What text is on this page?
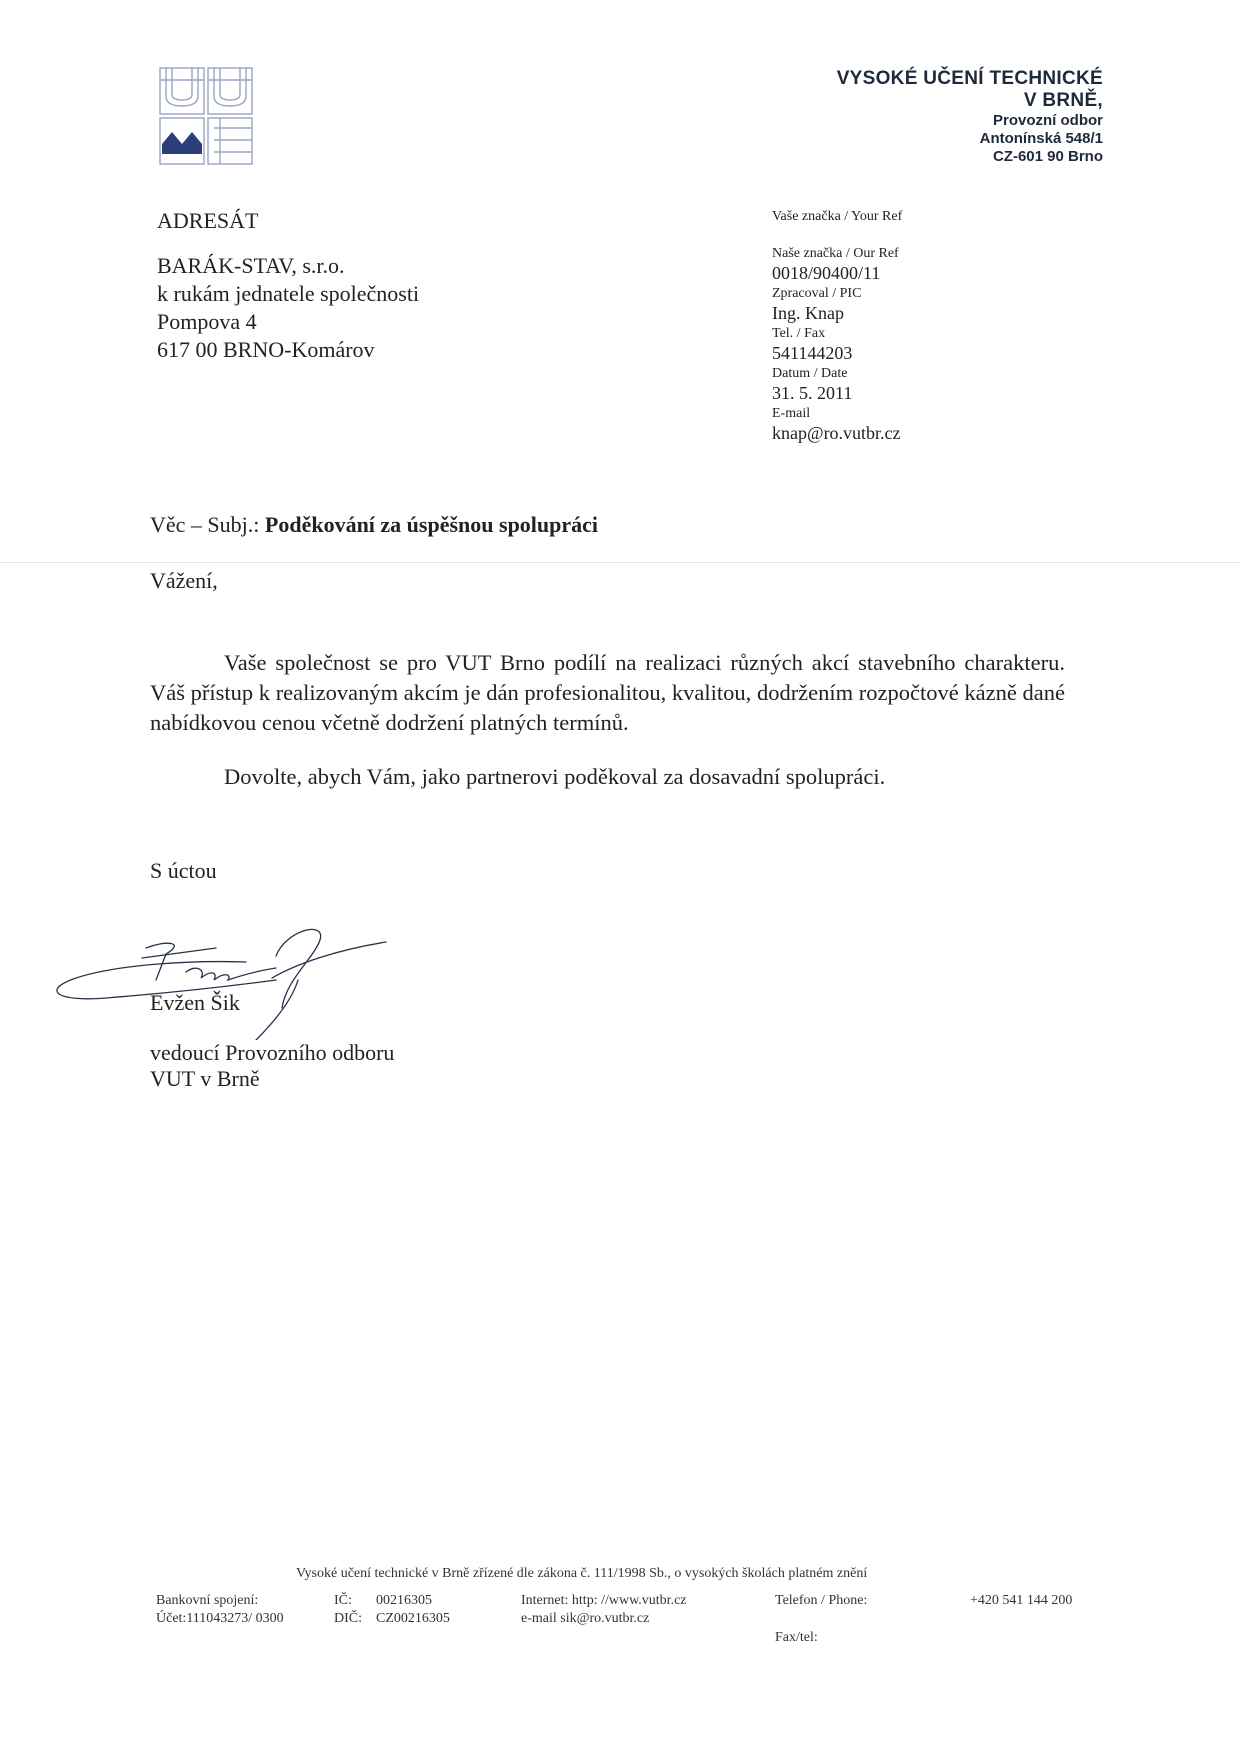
VYSOKÉ UČENÍ TECHNICKÉ
V BRNĚ,
Provozní odbor
Antonínská 548/1
CZ-601 90 Brno
ADRESÁT
BARÁK-STAV, s.r.o.
k rukám jednatele společnosti
Pompova 4
617 00 BRNO-Komárov
Vaše značka / Your Ref
Naše značka / Our Ref
0018/90400/11
Zpracoval / PIC
Ing. Knap
Tel. / Fax
541144203
Datum / Date
31. 5. 2011
E-mail
knap@ro.vutbr.cz
Věc – Subj.: Poděkování za úspěšnou spolupráci
Vážení,

Vaše společnost se pro VUT Brno podílí na realizaci různých akcí stavebního charakteru. Váš přístup k realizovaným akcím je dán profesionalitou, kvalitou, dodržením rozpočtové kázně dané nabídkovou cenou včetně dodržení platných termínů.

Dovolte, abych Vám, jako partnerovi poděkoval za dosavadní spolupráci.

S úctou
Evžen Šik
vedoucí Provozního odboru
VUT v Brně
Vysoké učení technické v Brně zřízené dle zákona č. 111/1998 Sb., o vysokých školách platném znění
Bankovní spojení:
Účet:111043273/ 0300
IČ: 00216305
DIČ: CZ00216305
Internet: http: //www.vutbr.cz
e-mail sik@ro.vutbr.cz
Telefon / Phone:	+420 541 144 200
Fax/tel:
